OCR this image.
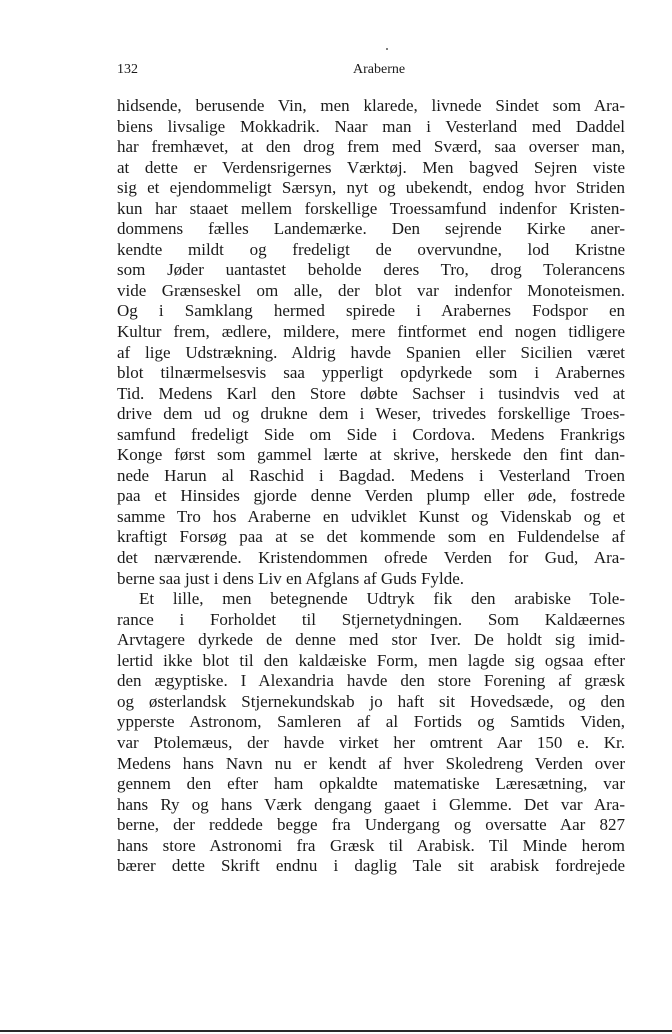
132	Araberne
hidsende, berusende Vin, men klarede, livnede Sindet som Ara-
biens livsalige Mokkadrik. Naar man i Vesterland med Daddel
har fremhævet, at den drog frem med Sværd, saa overser man,
at dette er Verdensrigernes Værktøj. Men bagved Sejren viste
sig et ejendommeligt Særsyn, nyt og ubekendt, endog hvor Striden
kun har staaet mellem forskellige Troessamfund indenfor Kristen-
dommens fælles Landemærke. Den sejrende Kirke aner-
kendte mildt og fredeligt de overvundne, lod Kristne
som Jøder uantastet beholde deres Tro, drog Tolerancens
vide Grænseskel om alle, der blot var indenfor Monoteismen.
Og i Samklang hermed spirede i Arabernes Fodspor en
Kultur frem, ædlere, mildere, mere fintformet end nogen tidligere
af lige Udstrækning. Aldrig havde Spanien eller Sicilien været
blot tilnærmelsesvis saa ypperligt opdyrkede som i Arabernes
Tid. Medens Karl den Store døbte Sachser i tusindvis ved at
drive dem ud og drukne dem i Weser, trivedes forskellige Troes-
samfund fredeligt Side om Side i Cordova. Medens Frankrigs
Konge først som gammel lærte at skrive, herskede den fint dan-
nede Harun al Raschid i Bagdad. Medens i Vesterland Troen
paa et Hinsides gjorde denne Verden plump eller øde, fostrede
samme Tro hos Araberne en udviklet Kunst og Videnskab og et
kraftigt Forsøg paa at se det kommende som en Fuldendelse af
det nærværende. Kristendommen ofrede Verden for Gud, Ara-
berne saa just i dens Liv en Afglans af Guds Fylde.
Et lille, men betegnende Udtryk fik den arabiske Tole-
rance i Forholdet til Stjernetydningen. Som Kaldæernes
Arvtagere dyrkede de denne med stor Iver. De holdt sig imid-
lertid ikke blot til den kaldæiske Form, men lagde sig ogsaa efter
den ægyptiske. I Alexandria havde den store Forening af græsk
og østerlandsk Stjernekundskab jo haft sit Hovedsæde, og den
ypperste Astronom, Samleren af al Fortids og Samtids Viden,
var Ptolemæus, der havde virket her omtrent Aar 150 e. Kr.
Medens hans Navn nu er kendt af hver Skoledreng Verden over
gennem den efter ham opkaldte matematiske Læresætning, var
hans Ry og hans Værk dengang gaaet i Glemme. Det var Ara-
berne, der reddede begge fra Undergang og oversatte Aar 827
hans store Astronomi fra Græsk til Arabisk. Til Minde herom
bærer dette Skrift endnu i daglig Tale sit arabisk fordrejede
